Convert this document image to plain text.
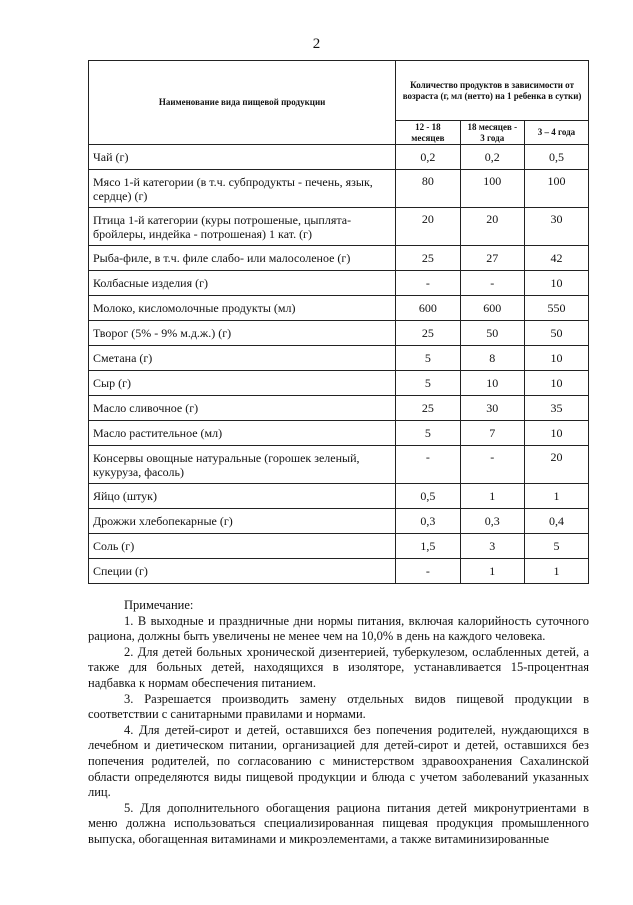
2
Наименование вида пищевой продукции	Количество продуктов в зависимости от возраста (г, мл (нетто) на 1 ребенка в сутки)		
	12 - 18 месяцев	18 месяцев - 3 года	3 – 4 года
Чай (г)	0,2	0,2	0,5
Мясо 1-й категории (в т.ч. субпродукты - печень, язык, сердце) (г)	80	100	100
Птица 1-й категории (куры потрошеные, цыплята-бройлеры, индейка - потрошеная) 1 кат. (г)	20	20	30
Рыба-филе, в т.ч. филе слабо- или малосоленое (г)	25	27	42
Колбасные изделия (г)	-	-	10
Молоко, кисломолочные продукты (мл)	600	600	550
Творог (5% - 9% м.д.ж.) (г)	25	50	50
Сметана (г)	5	8	10
Сыр (г)	5	10	10
Масло сливочное (г)	25	30	35
Масло растительное (мл)	5	7	10
Консервы овощные натуральные (горошек зеленый, кукуруза, фасоль)	-	-	20
Яйцо (штук)	0,5	1	1
Дрожжи хлебопекарные (г)	0,3	0,3	0,4
Соль (г)	1,5	3	5
Специи (г)	-	1	1
Примечание:

1. В выходные и праздничные дни нормы питания, включая калорийность суточного рациона, должны быть увеличены не менее чем на 10,0% в день на каждого человека.

2. Для детей больных хронической дизентерией, туберкулезом, ослабленных детей, а также для больных детей, находящихся в изоляторе, устанавливается 15-процентная надбавка к нормам обеспечения питанием.

3. Разрешается производить замену отдельных видов пищевой продукции в соответствии с санитарными правилами и нормами.

4. Для детей-сирот и детей, оставшихся без попечения родителей, нуждающихся в лечебном и диетическом питании, организацией для детей-сирот и детей, оставшихся без попечения родителей, по согласованию с министерством здравоохранения Сахалинской области определяются виды пищевой продукции и блюда с учетом заболеваний указанных лиц.

5. Для дополнительного обогащения рациона питания детей микронутриентами в меню должна использоваться специализированная пищевая продукция промышленного выпуска, обогащенная витаминами и микроэлементами, а также витаминизированные
